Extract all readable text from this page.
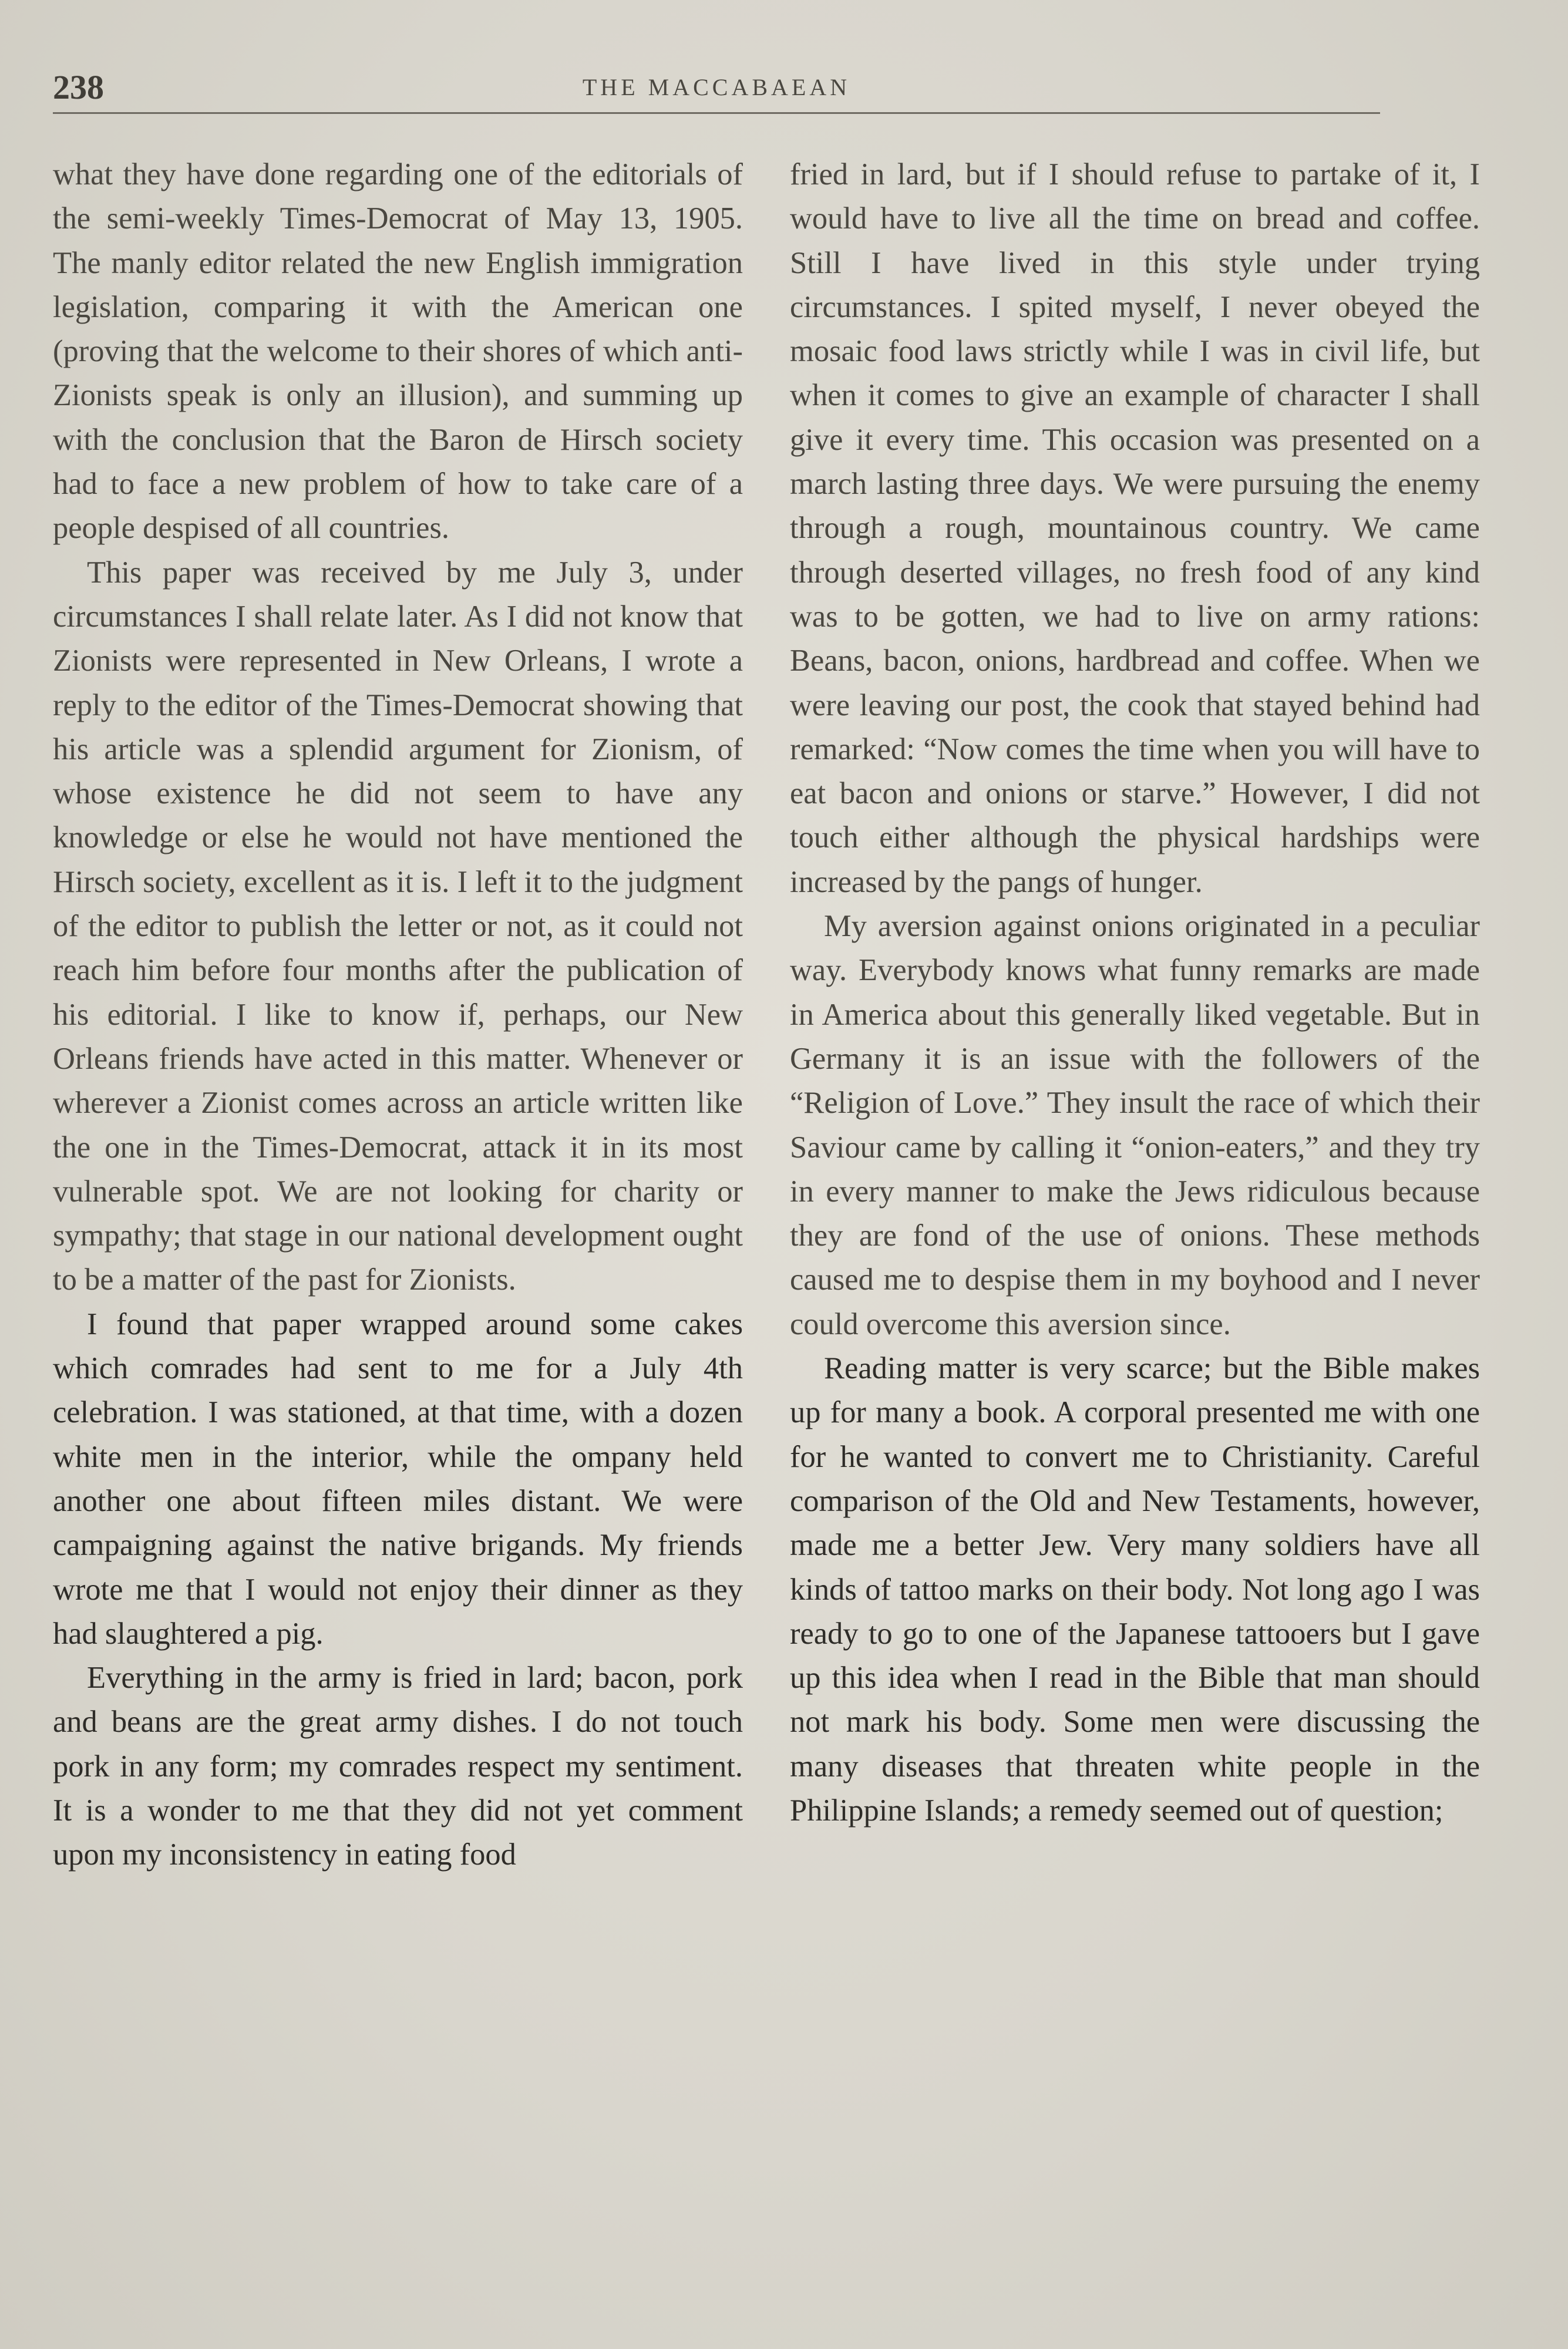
238	THE MACCABAEAN

what they have done regarding one of the editorials of the semi-weekly Times-Democrat of May 13, 1905. The manly editor related the new English immigration legislation, comparing it with the American one (proving that the welcome to their shores of which anti-Zionists speak is only an illusion), and summing up with the conclusion that the Baron de Hirsch society had to face a new problem of how to take care of a people despised of all countries.

This paper was received by me July 3, under circumstances I shall relate later. As I did not know that Zionists were represented in New Orleans, I wrote a reply to the editor of the Times-Democrat showing that his article was a splendid argument for Zionism, of whose existence he did not seem to have any knowledge or else he would not have mentioned the Hirsch society, excellent as it is. I left it to the judgment of the editor to publish the letter or not, as it could not reach him before four months after the publication of his editorial. I like to know if, perhaps, our New Orleans friends have acted in this matter. Whenever or wherever a Zionist comes across an article written like the one in the Times-Democrat, attack it in its most vulnerable spot. We are not looking for charity or sympathy; that stage in our national development ought to be a matter of the past for Zionists.

I found that paper wrapped around some cakes which comrades had sent to me for a July 4th celebration. I was stationed, at that time, with a dozen white men in the interior, while the ompany held another one about fifteen miles distant. We were campaigning against the native brigands. My friends wrote me that I would not enjoy their dinner as they had slaughtered a pig.

Everything in the army is fried in lard; bacon, pork and beans are the great army dishes. I do not touch pork in any form; my comrades respect my sentiment. It is a wonder to me that they did not yet comment upon my inconsistency in eating food

fried in lard, but if I should refuse to partake of it, I would have to live all the time on bread and coffee. Still I have lived in this style under trying circumstances. I spited myself, I never obeyed the mosaic food laws strictly while I was in civil life, but when it comes to give an example of character I shall give it every time. This occasion was presented on a march lasting three days. We were pursuing the enemy through a rough, mountainous country. We came through deserted villages, no fresh food of any kind was to be gotten, we had to live on army rations: Beans, bacon, onions, hardbread and coffee. When we were leaving our post, the cook that stayed behind had remarked: “Now comes the time when you will have to eat bacon and onions or starve.” However, I did not touch either although the physical hardships were increased by the pangs of hunger.

My aversion against onions originated in a peculiar way. Everybody knows what funny remarks are made in America about this generally liked vegetable. But in Germany it is an issue with the followers of the “Religion of Love.” They insult the race of which their Saviour came by calling it “onion-eaters,” and they try in every manner to make the Jews ridiculous because they are fond of the use of onions. These methods caused me to despise them in my boyhood and I never could overcome this aversion since.

Reading matter is very scarce; but the Bible makes up for many a book. A corporal presented me with one for he wanted to convert me to Christianity. Careful comparison of the Old and New Testaments, however, made me a better Jew. Very many soldiers have all kinds of tattoo marks on their body. Not long ago I was ready to go to one of the Japanese tattooers but I gave up this idea when I read in the Bible that man should not mark his body. Some men were discussing the many diseases that threaten white people in the Philippine Islands; a remedy seemed out of question;
